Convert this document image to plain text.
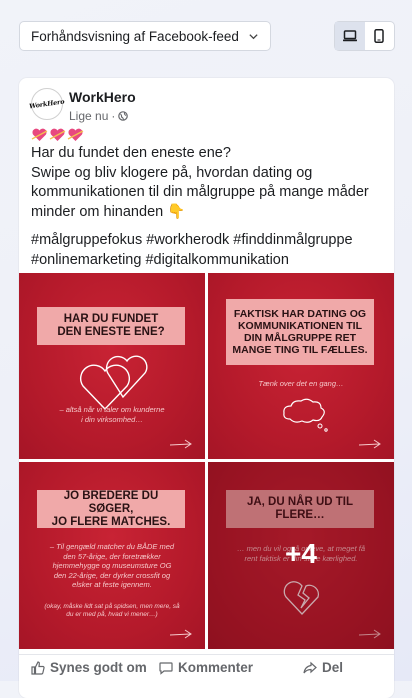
Forhåndsvisning af Facebook-feed
WorkHero WorkHero
Lige nu ·

Har du fundet den eneste ene?
Swipe og bliv klogere på, hvordan dating og kommunikationen til din målgruppe på mange måder minder om hinanden 👇

#målgruppefokus #workherodk #finddinmålgruppe #onlinemarketing #digitalkommunikation

HAR DU FUNDET
DEN ENESTE ENE?
– altså når vi taler om kunderne
i din virksomhed…
FAKTISK HAR DATING OG
KOMMUNIKATIONEN TIL
DIN MÅLGRUPPE RET
MANGE TING TIL FÆLLES.
Tænk over det en gang…
JO BREDERE DU SØGER,
JO FLERE MATCHES.
– Til gengæld matcher du BÅDE med
den 57-årige, der foretrækker
hjemmehygge og museumsture OG
den 22-årige, der dyrker crossfit og
elsker at feste igennem.
(okay, måske lidt sat på spidsen, men mere, så
du er med på, hvad vi mener…)
JA, DU NÅR UD TIL
FLERE…
… men du vil også opleve, at meget få
rent faktisk er din store kærlighed.
+4
Synes godt om Kommenter	Del
